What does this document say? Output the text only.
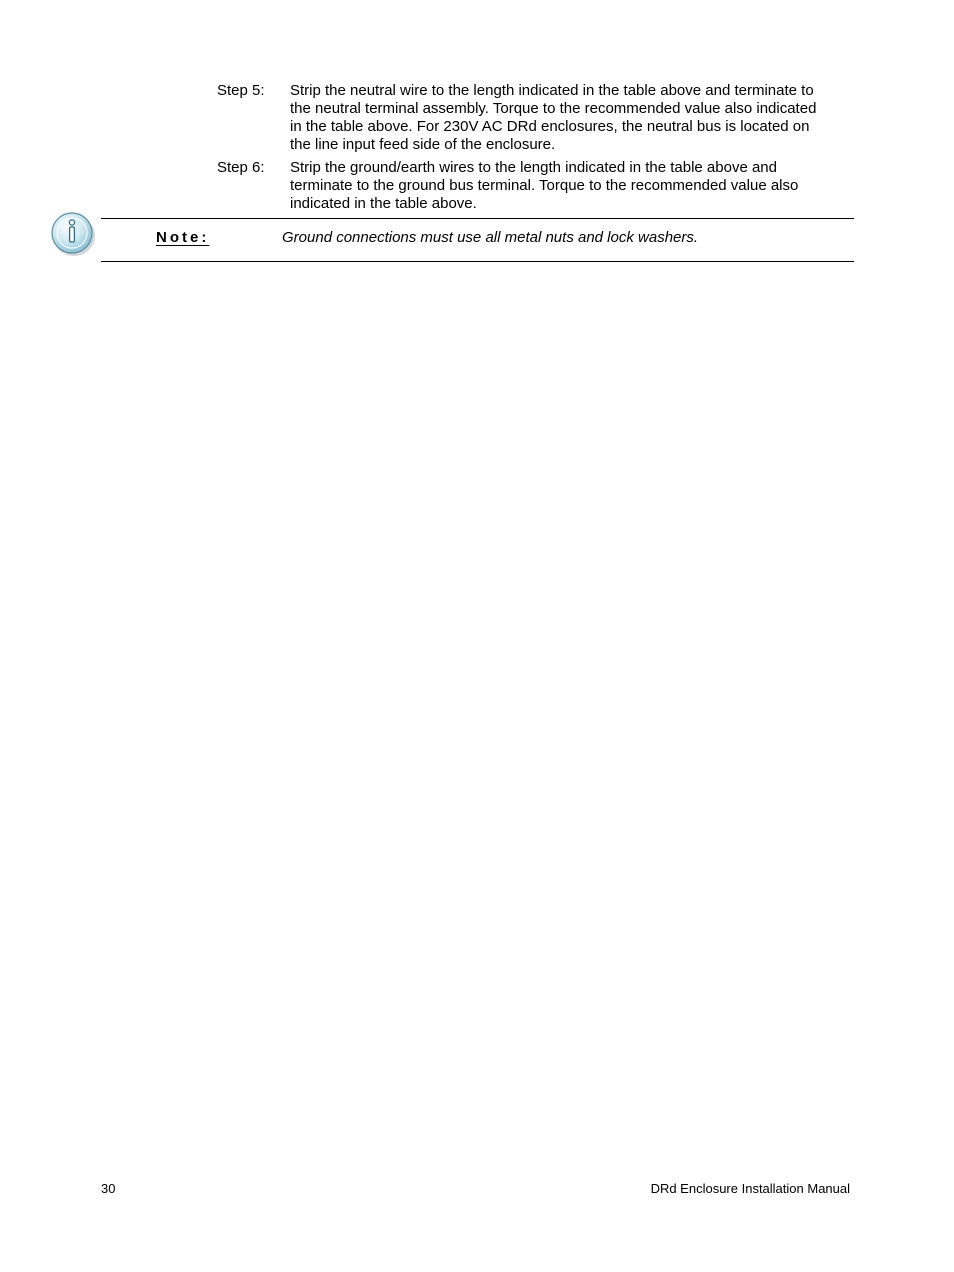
Step 5: Strip the neutral wire to the length indicated in the table above and terminate to
the neutral terminal assembly. Torque to the recommended value also indicated
in the table above. For 230V AC DRd enclosures, the neutral bus is located on
the line input feed side of the enclosure.
Step 6: Strip the ground/earth wires to the length indicated in the table above and
terminate to the ground bus terminal. Torque to the recommended value also
indicated in the table above.
Note:	Ground connections must use all metal nuts and lock washers.
30	DRd Enclosure Installation Manual
